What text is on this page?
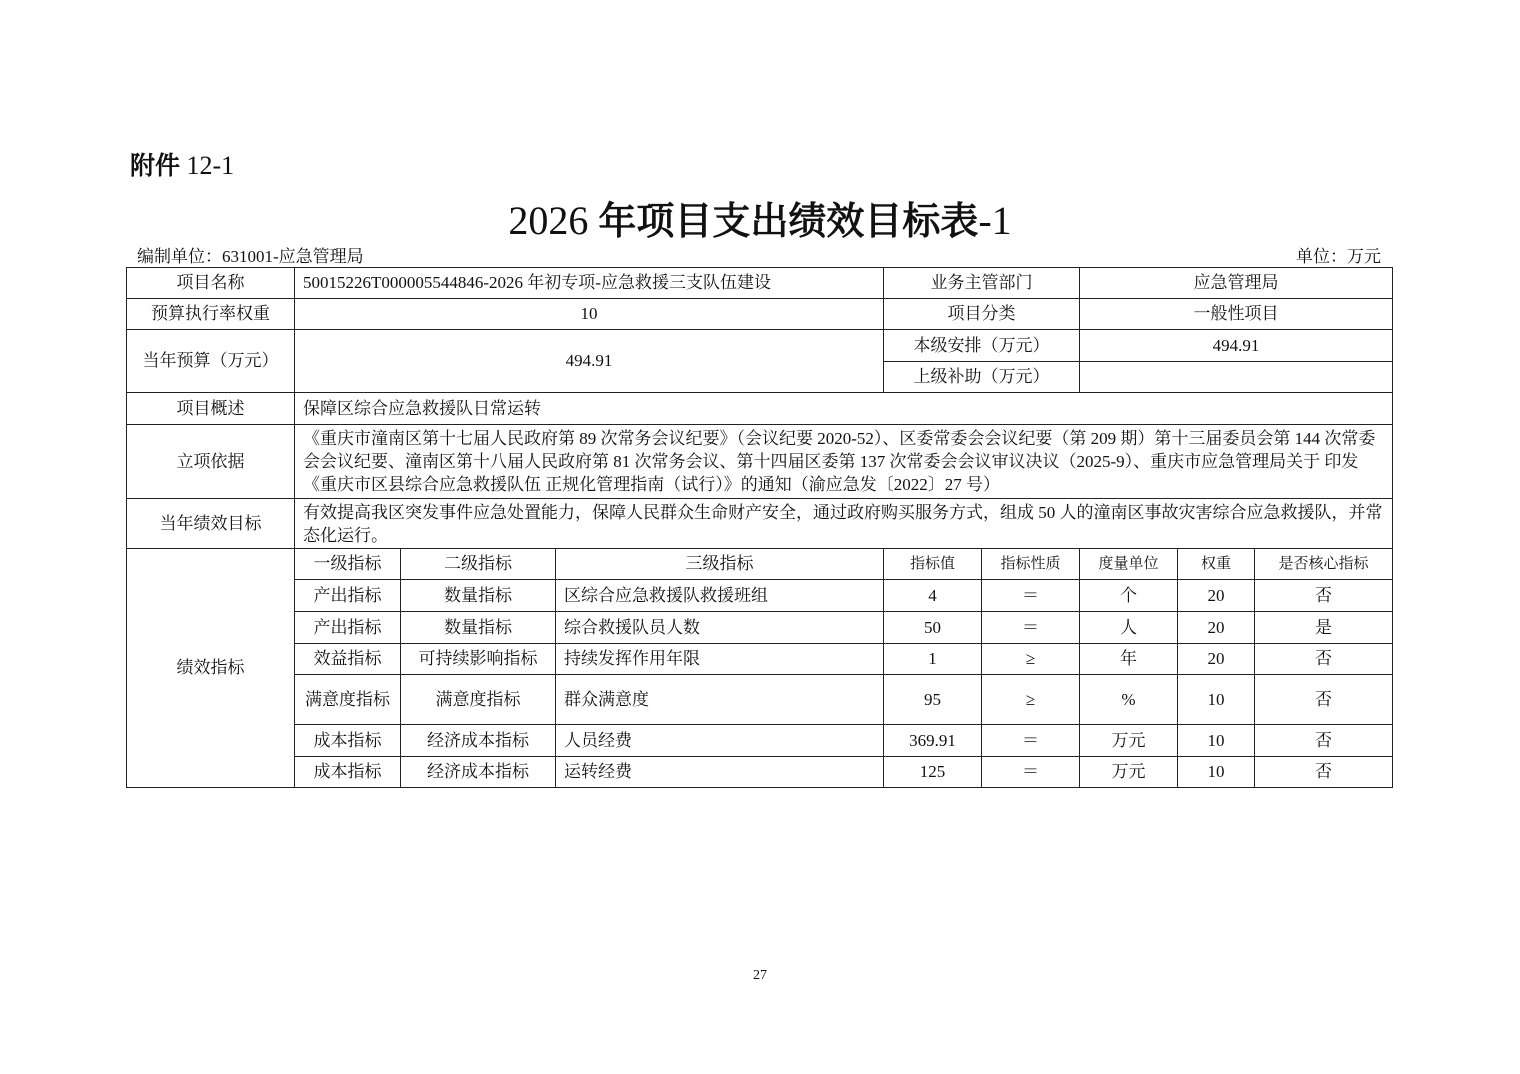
附件 12-1
2026 年项目支出绩效目标表-1
编制单位：631001-应急管理局	单位：万元
项目名称	50015226T000005544846-2026 年初专项-应急救援三支队伍建设			业务主管部门		应急管理局		
预算执行率权重	10			项目分类		一般性项目		
当年预算（万元）	494.91			本级安排（万元）		494.91		
				上级补助（万元）				
项目概述	保障区综合应急救援队日常运转							
立项依据	《重庆市潼南区第十七届人民政府第 89 次常务会议纪要》（会议纪要 2020-52）、区委常委会会议纪要（第 209 期）第十三届委员会第 144 次常委会会议纪要、潼南区第十八届人民政府第 81 次常务会议、第十四届区委第 137 次常委会会议审议决议（2025-9）、重庆市应急管理局关于 印发《重庆市区县综合应急救援队伍 正规化管理指南（试行）》的通知（渝应急发〔2022〕27 号）							
当年绩效目标	有效提高我区突发事件应急处置能力，保障人民群众生命财产安全，通过政府购买服务方式，组成 50 人的潼南区事故灾害综合应急救援队，并常态化运行。							
绩效指标	一级指标	二级指标	三级指标	指标值	指标性质	度量单位	权重	是否核心指标
	产出指标	数量指标	区综合应急救援队救援班组	4	＝	个	20	否
	产出指标	数量指标	综合救援队员人数	50	＝	人	20	是
	效益指标	可持续影响指标	持续发挥作用年限	1	≥	年	20	否
	满意度指标	满意度指标	群众满意度	95	≥	%	10	否
	成本指标	经济成本指标	人员经费	369.91	＝	万元	10	否
	成本指标	经济成本指标	运转经费	125	＝	万元	10	否
27
